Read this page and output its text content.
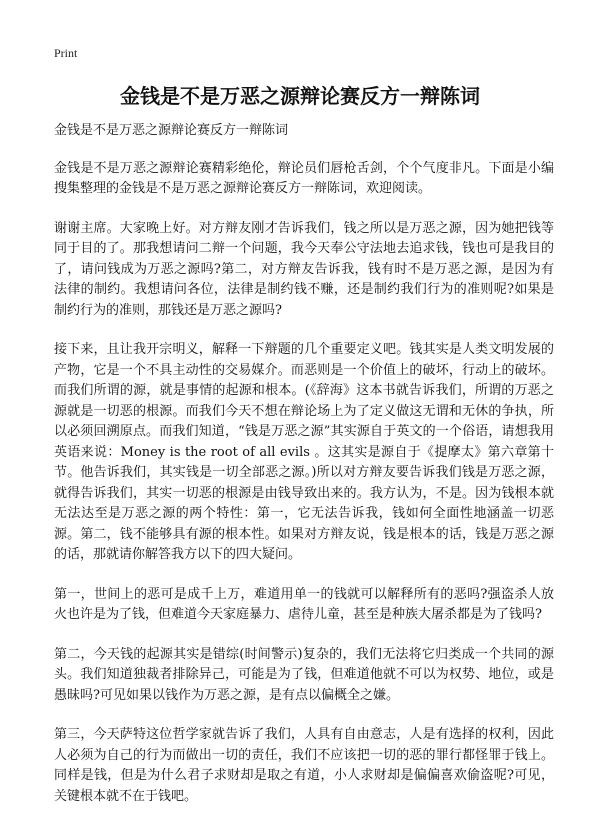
Print
金钱是不是万恶之源辩论赛反方一辩陈词

金钱是不是万恶之源辩论赛反方一辩陈词

金钱是不是万恶之源辩论赛精彩绝伦，辩论员们唇枪舌剑，个个气度非凡。下面是小编搜集整理的金钱是不是万恶之源辩论赛反方一辩陈词，欢迎阅读。

谢谢主席。大家晚上好。对方辩友刚才告诉我们，钱之所以是万恶之源，因为她把钱等同于目的了。那我想请问二辩一个问题，我今天奉公守法地去追求钱，钱也可是我目的了，请问钱成为万恶之源吗?第二，对方辩友告诉我，钱有时不是万恶之源，是因为有法律的制约。我想请问各位，法律是制约钱不赚，还是制约我们行为的准则呢?如果是制约行为的准则，那钱还是万恶之源吗?

接下来，且让我开宗明义，解释一下辩题的几个重要定义吧。钱其实是人类文明发展的产物，它是一个不具主动性的交易媒介。而恶则是一个价值上的破坏，行动上的破坏。而我们所谓的源，就是事情的起源和根本。(《辞海》这本书就告诉我们，所谓的万恶之源就是一切恶的根源。而我们今天不想在辩论场上为了定义做这无谓和无休的争执，所以必须回溯原点。而我们知道，“钱是万恶之源”其实源自于英文的一个俗语，请想我用英语来说：Money is the root of all evils 。这其实是源自于《提摩太》第六章第十节。他告诉我们，其实钱是一切全部恶之源。)所以对方辩友要告诉我们钱是万恶之源，就得告诉我们，其实一切恶的根源是由钱导致出来的。我方认为，不是。因为钱根本就无法达至是万恶之源的两个特性：第一，它无法告诉我，钱如何全面性地涵盖一切恶源。第二，钱不能够具有源的根本性。如果对方辩友说，钱是根本的话，钱是万恶之源的话，那就请你解答我方以下的四大疑问。

第一，世间上的恶可是成千上万，难道用单一的钱就可以解释所有的恶吗?强盗杀人放火也许是为了钱，但难道今天家庭暴力、虐待儿童，甚至是种族大屠杀都是为了钱吗?

第二，今天钱的起源其实是错综(时间警示)复杂的，我们无法将它归类成一个共同的源头。我们知道独裁者排除异己，可能是为了钱，但难道他就不可以为权势、地位，或是愚昧吗?可见如果以钱作为万恶之源，是有点以偏概全之嫌。

第三，今天萨特这位哲学家就告诉了我们，人具有自由意志，人是有选择的权利，因此人必须为自己的行为而做出一切的责任，我们不应该把一切的恶的罪行都怪罪于钱上。同样是钱，但是为什么君子求财却是取之有道，小人求财却是偏偏喜欢偷盗呢?可见，关键根本就不在于钱吧。
